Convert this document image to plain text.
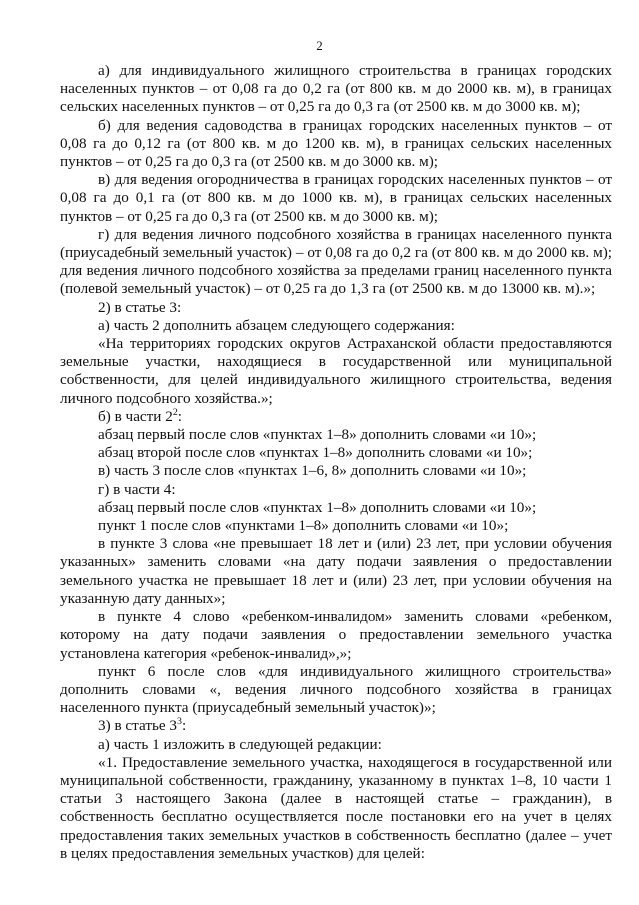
2

а) для индивидуального жилищного строительства в границах городских населенных пунктов – от 0,08 га до 0,2 га (от 800 кв. м до 2000 кв. м), в границах сельских населенных пунктов – от 0,25 га до 0,3 га (от 2500 кв. м до 3000 кв. м);

б) для ведения садоводства в границах городских населенных пунктов – от 0,08 га до 0,12 га (от 800 кв. м до 1200 кв. м), в границах сельских населенных пунктов – от 0,25 га до 0,3 га (от 2500 кв. м до 3000 кв. м);

в) для ведения огородничества в границах городских населенных пунктов – от 0,08 га до 0,1 га (от 800 кв. м до 1000 кв. м), в границах сельских населенных пунктов – от 0,25 га до 0,3 га (от 2500 кв. м до 3000 кв. м);

г) для ведения личного подсобного хозяйства в границах населенного пункта (приусадебный земельный участок) – от 0,08 га до 0,2 га (от 800 кв. м до 2000 кв. м); для ведения личного подсобного хозяйства за пределами границ населенного пункта (полевой земельный участок) – от 0,25 га до 1,3 га (от 2500 кв. м до 13000 кв. м).»;

2) в статье 3:

а) часть 2 дополнить абзацем следующего содержания:

«На территориях городских округов Астраханской области предоставляются земельные участки, находящиеся в государственной или муниципальной собственности, для целей индивидуального жилищного строительства, ведения личного подсобного хозяйства.»;

б) в части $2^2$:

абзац первый после слов «пунктах 1–8» дополнить словами «и 10»;

абзац второй после слов «пунктах 1–8» дополнить словами «и 10»;

в) часть 3 после слов «пунктах 1–6, 8» дополнить словами «и 10»;

г) в части 4:

абзац первый после слов «пунктах 1–8» дополнить словами «и 10»;

пункт 1 после слов «пунктами 1–8» дополнить словами «и 10»;

в пункте 3 слова «не превышает 18 лет и (или) 23 лет, при условии обучения указанных» заменить словами «на дату подачи заявления о предоставлении земельного участка не превышает 18 лет и (или) 23 лет, при условии обучения на указанную дату данных»;

в пункте 4 слово «ребенком-инвалидом» заменить словами «ребенком, которому на дату подачи заявления о предоставлении земельного участка установлена категория «ребенок-инвалид»,»;

пункт 6 после слов «для индивидуального жилищного строительства» дополнить словами «, ведения личного подсобного хозяйства в границах населенного пункта (приусадебный земельный участок)»;

3) в статье $3^3$:

а) часть 1 изложить в следующей редакции:

«1. Предоставление земельного участка, находящегося в государственной или муниципальной собственности, гражданину, указанному в пунктах 1–8, 10 части 1 статьи 3 настоящего Закона (далее в настоящей статье – гражданин), в собственность бесплатно осуществляется после постановки его на учет в целях предоставления таких земельных участков в собственность бесплатно (далее – учет в целях предоставления земельных участков) для целей:
